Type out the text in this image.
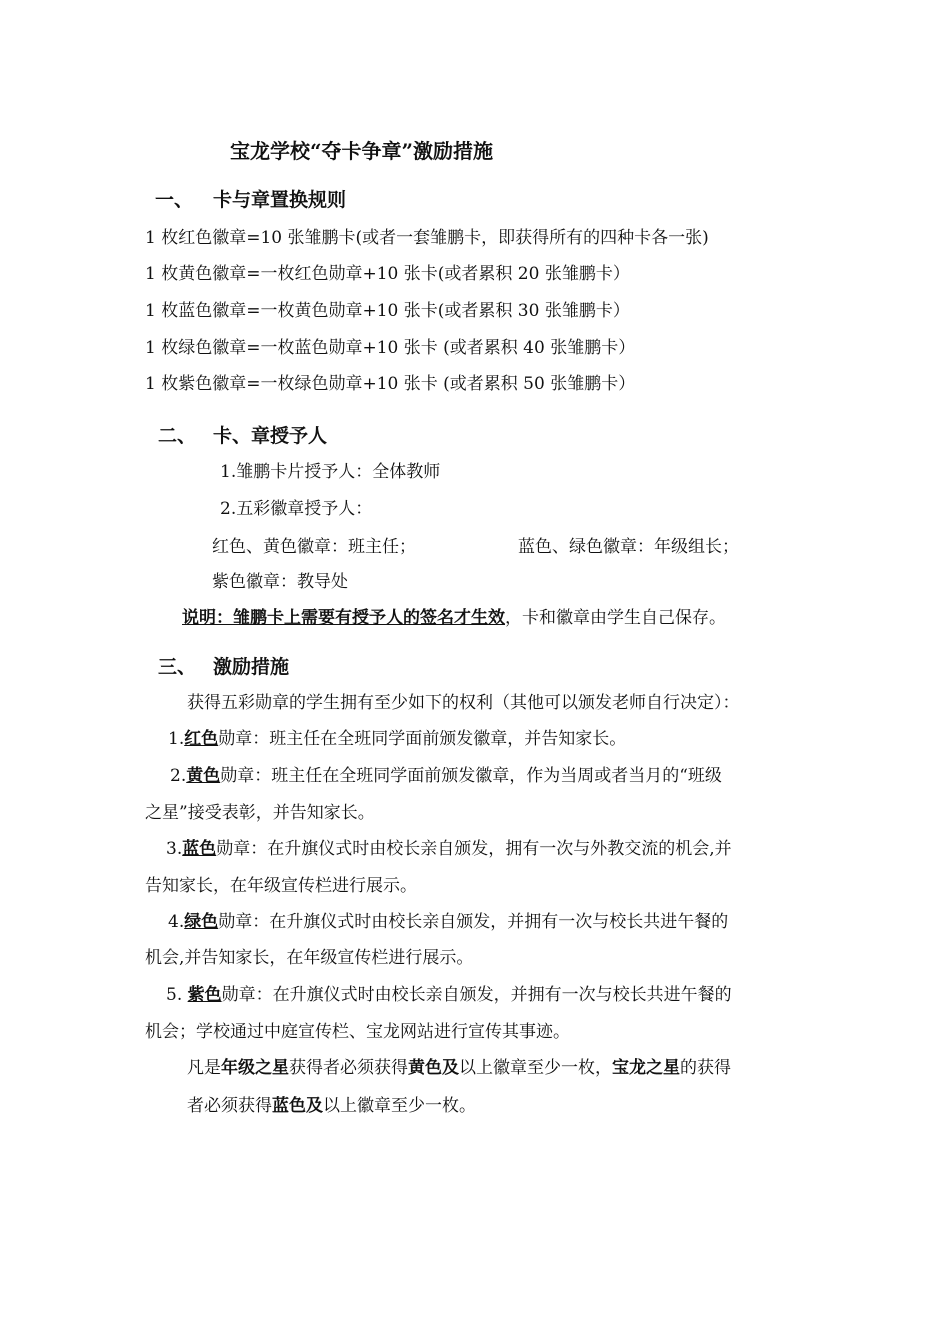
宝龙学校“夺卡争章”激励措施
一、 卡与章置换规则
1 枚红色徽章=10 张雏鹏卡(或者一套雏鹏卡，即获得所有的四种卡各一张)
1 枚黄色徽章=一枚红色勋章+10 张卡(或者累积 20 张雏鹏卡）
1 枚蓝色徽章=一枚黄色勋章+10 张卡(或者累积 30 张雏鹏卡）
1 枚绿色徽章=一枚蓝色勋章+10 张卡 (或者累积 40 张雏鹏卡）
1 枚紫色徽章=一枚绿色勋章+10 张卡 (或者累积 50 张雏鹏卡）
二、 卡、章授予人
1.雏鹏卡片授予人：全体教师
2.五彩徽章授予人：
红色、黄色徽章：班主任；	蓝色、绿色徽章：年级组长；
紫色徽章：教导处
说明：雏鹏卡上需要有授予人的签名才生效，卡和徽章由学生自己保存。
三、 激励措施
获得五彩勋章的学生拥有至少如下的权利（其他可以颁发老师自行决定）：
1.红色勋章：班主任在全班同学面前颁发徽章，并告知家长。
2.黄色勋章：班主任在全班同学面前颁发徽章，作为当周或者当月的“班级
之星”接受表彰，并告知家长。
3.蓝色勋章：在升旗仪式时由校长亲自颁发，拥有一次与外教交流的机会,并
告知家长，在年级宣传栏进行展示。
4.绿色勋章：在升旗仪式时由校长亲自颁发，并拥有一次与校长共进午餐的
机会,并告知家长，在年级宣传栏进行展示。
5. 紫色勋章：在升旗仪式时由校长亲自颁发，并拥有一次与校长共进午餐的
机会；学校通过中庭宣传栏、宝龙网站进行宣传其事迹。
凡是年级之星获得者必须获得黄色及以上徽章至少一枚，宝龙之星的获得
者必须获得蓝色及以上徽章至少一枚。
